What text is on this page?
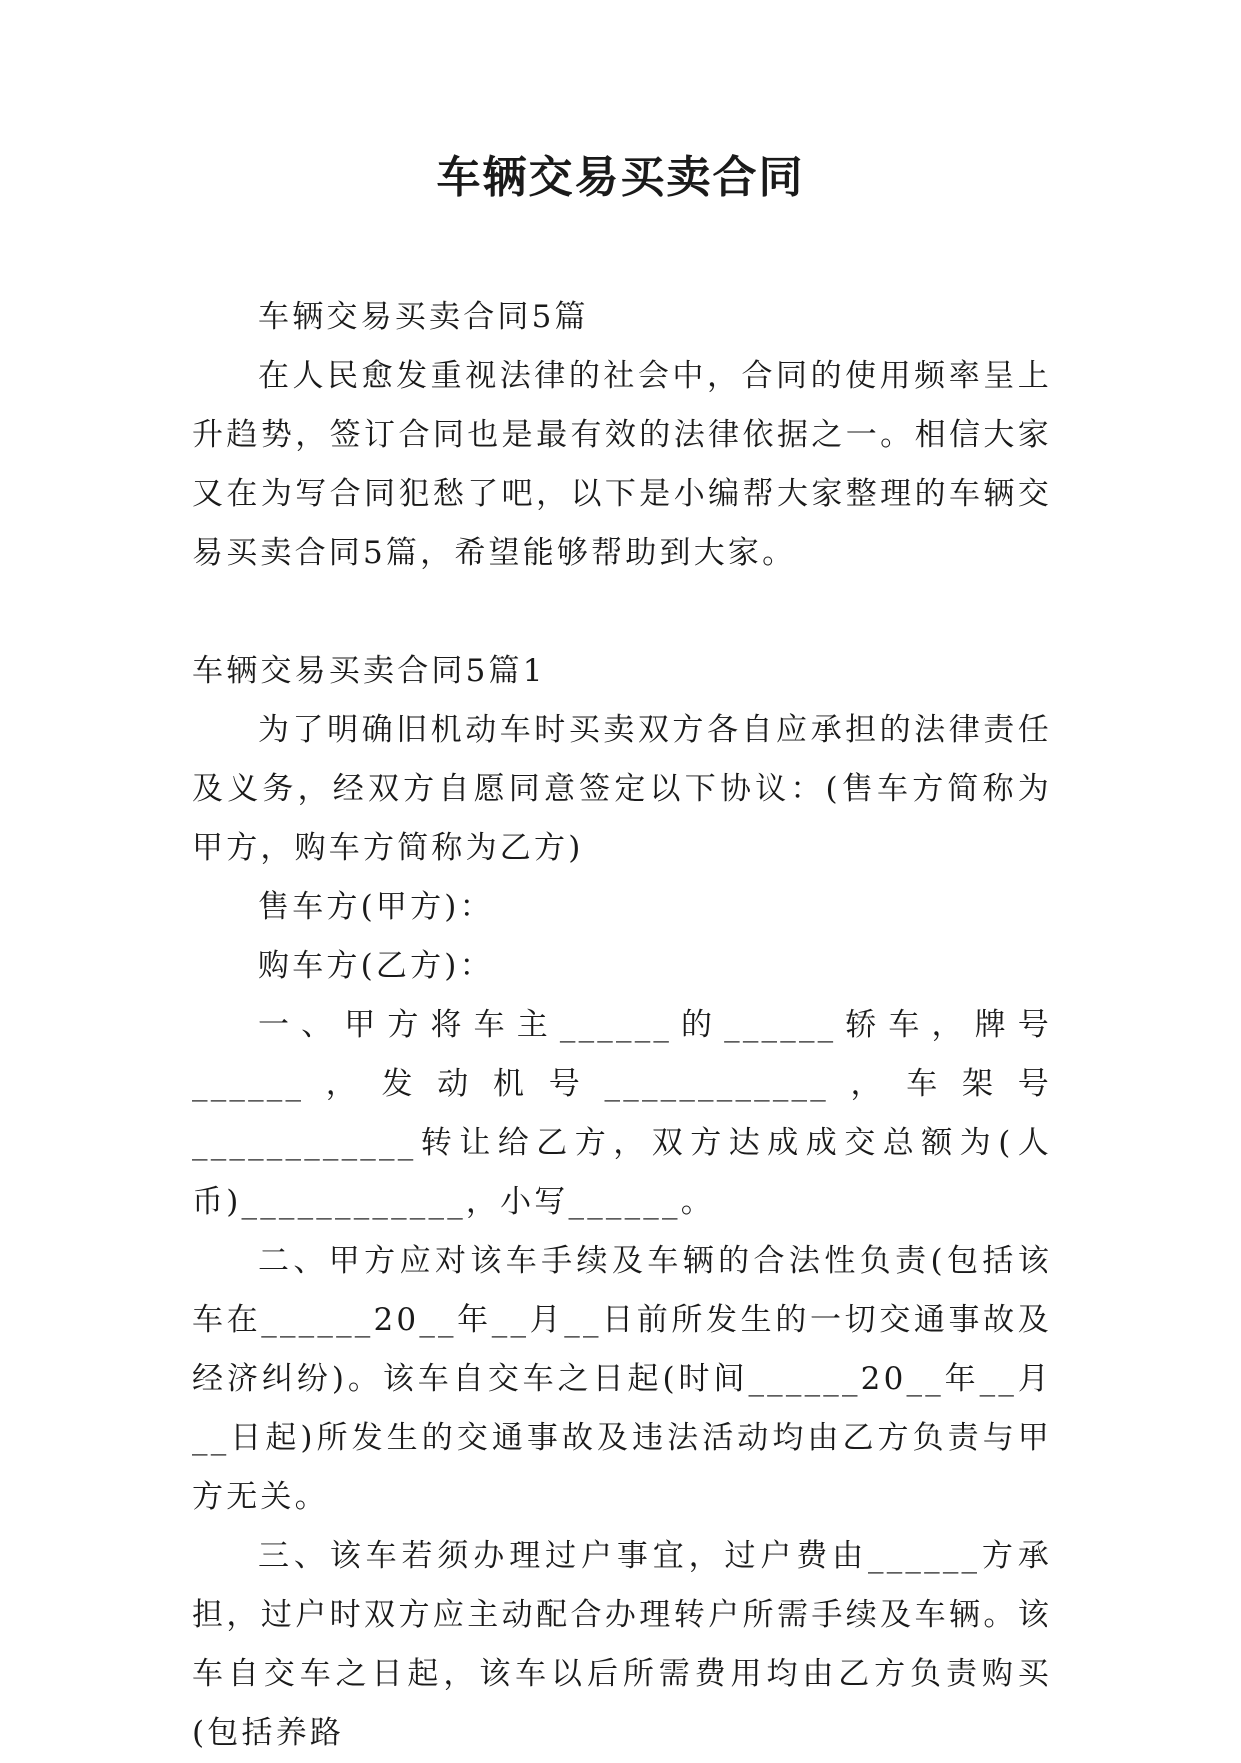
车辆交易买卖合同

车辆交易买卖合同5篇

在人民愈发重视法律的社会中，合同的使用频率呈上升趋势，签订合同也是最有效的法律依据之一。相信大家又在为写合同犯愁了吧，以下是小编帮大家整理的车辆交易买卖合同5篇，希望能够帮助到大家。

车辆交易买卖合同5篇1

为了明确旧机动车时买卖双方各自应承担的法律责任及义务，经双方自愿同意签定以下协议：(售车方简称为甲方，购车方简称为乙方)

售车方(甲方)：

购车方(乙方)：

一、甲方将车主______的______轿车，牌号______，发动机号____________，车架号____________转让给乙方，双方达成成交总额为(人币)____________，小写______。

二、甲方应对该车手续及车辆的合法性负责(包括该车在______20__年__月__日前所发生的一切交通事故及经济纠纷)。该车自交车之日起(时间______20__年__月__日起)所发生的交通事故及违法活动均由乙方负责与甲方无关。

三、该车若须办理过户事宜，过户费由______方承担，过户时双方应主动配合办理转户所需手续及车辆。该车自交车之日起，该车以后所需费用均由乙方负责购买(包括养路
